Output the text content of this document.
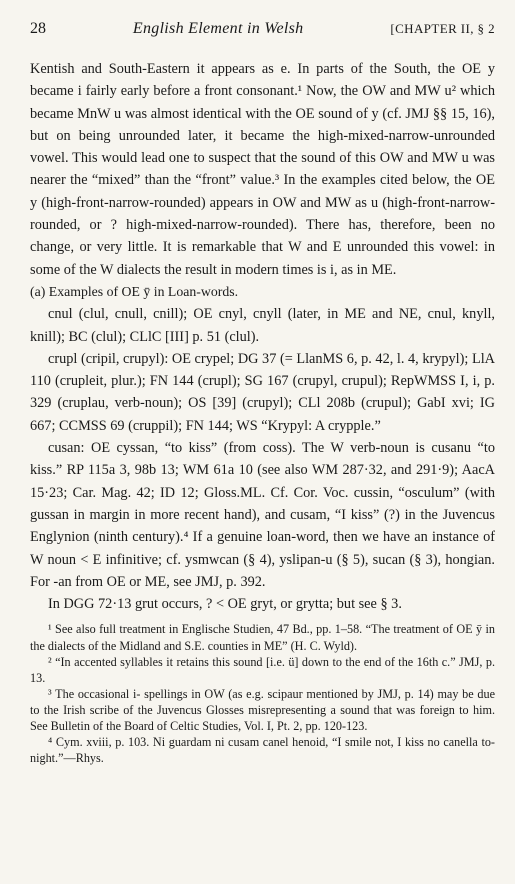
28	English Element in Welsh	[CHAPTER II, § 2

Kentish and South-Eastern it appears as e. In parts of the South, the OE y became i fairly early before a front consonant.¹ Now, the OW and MW u² which became MnW u was almost identical with the OE sound of y (cf. JMJ §§ 15, 16), but on being unrounded later, it became the high-mixed-narrow-unrounded vowel. This would lead one to suspect that the sound of this OW and MW u was nearer the “mixed” than the “front” value.³ In the examples cited below, the OE y (high-front-narrow-rounded) appears in OW and MW as u (high-front-narrow-rounded, or ? high-mixed-narrow-rounded). There has, therefore, been no change, or very little. It is remarkable that W and E unrounded this vowel: in some of the W dialects the result in modern times is i, as in ME.

(a) Examples of OE ȳ in Loan-words.

cnul (clul, cnull, cnill); OE cnyl, cnyll (later, in ME and NE, cnul, knyll, knill); BC (clul); CLlC [III] p. 51 (clul).

crupl (cripil, crupyl): OE crypel; DG 37 (= LlanMS 6, p. 42, l. 4, krypyl); LlA 110 (crupleit, plur.); FN 144 (crupl); SG 167 (crupyl, crupul); RepWMSS I, i, p. 329 (cruplau, verb-noun); OS [39] (crupyl); CLl 208b (crupul); GabI xvi; IG 667; CCMSS 69 (cruppil); FN 144; WS “Krypyl: A crypple.”

cusan: OE cyssan, “to kiss” (from coss). The W verb-noun is cusanu “to kiss.” RP 115a 3, 98b 13; WM 61a 10 (see also WM 287·32, and 291·9); AacA 15·23; Car. Mag. 42; ID 12; Gloss.ML. Cf. Cor. Voc. cussin, “osculum” (with gussan in margin in more recent hand), and cusam, “I kiss” (?) in the Juvencus Englynion (ninth century).⁴ If a genuine loan-word, then we have an instance of W noun < E infinitive; cf. ysmwcan (§ 4), yslipan-u (§ 5), sucan (§ 3), hongian. For -an from OE or ME, see JMJ, p. 392.

In DGG 72·13 grut occurs, ? < OE gryt, or grytta; but see § 3.

¹ See also full treatment in Englische Studien, 47 Bd., pp. 1–58. “The treatment of OE ȳ in the dialects of the Midland and S.E. counties in ME” (H. C. Wyld).

² “In accented syllables it retains this sound [i.e. ü] down to the end of the 16th c.” JMJ, p. 13.

³ The occasional i- spellings in OW (as e.g. scipaur mentioned by JMJ, p. 14) may be due to the Irish scribe of the Juvencus Glosses misrepresenting a sound that was foreign to him. See Bulletin of the Board of Celtic Studies, Vol. I, Pt. 2, pp. 120-123.

⁴ Cym. xviii, p. 103. Ni guardam ni cusam canel henoid, “I smile not, I kiss no canella to-night.”—Rhys.
